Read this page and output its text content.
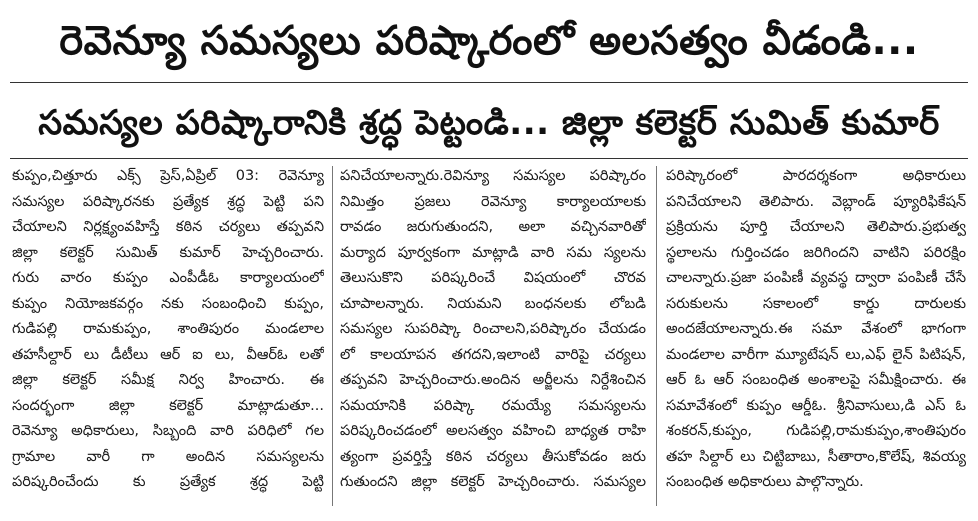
రెవెన్యూ సమస్యలు పరిష్కారంలో అలసత్వం వీడండి...
సమస్యల పరిష్కారానికి శ్రద్ధ పెట్టండి... జిల్లా కలెక్టర్ సుమిత్ కుమార్
కుప్పం,చిత్తూరు ఎక్స్ ప్రెస్,ఏప్రిల్ 03: రెవెన్యూ
సమస్యల పరిష్కారనకు ప్రత్యేక శ్రద్ధ పెట్టి పని
చేయాలని నిర్లక్ష్యంవహిస్తే కఠిన చర్యలు తప్పవని
జిల్లా కలెక్టర్ సుమిత్ కుమార్ హెచ్చరించారు.
గురు వారం కుప్పం ఎంపీడీఓ కార్యాలయంలో
కుప్పం నియోజకవర్గం నకు సంబంధించి కుప్పం,
గుడిపల్లి రామకుప్పం, శాంతిపురం మండలాల
తహసీల్దార్ లు డీటీలు ఆర్ ఐ లు, వీఆర్ఓ లతో
జిల్లా కలెక్టర్ సమీక్ష నిర్వ హించారు. ఈ
సందర్భంగా జిల్లా కలెక్టర్ మాట్లాడుతూ...
రెవెన్యూ అధికారులు, సిబ్బంది వారి పరిధిలో గల
గ్రామాల వారీ గా అందిన సమస్యలను
పరిష్కరించేందు కు ప్రత్యేక శ్రద్ధ పెట్టి
పనిచేయాలన్నారు.రెవిన్యూ సమస్యల పరిష్కారం
నిమిత్తం ప్రజలు రెవెన్యూ కార్యాలయాలకు
రావడం జరుగుతుందని, అలా వచ్చినవారితో
మర్యాద పూర్వకంగా మాట్లాడి వారి సమ స్యలను
తెలుసుకొని పరిష్కరించే విషయంలో చొరవ
చూపాలన్నారు. నియమని బంధనలకు లోబడి
సమస్యల సుపరిష్కా రించాలని,పరిష్కారం చేయడం
లో కాలయాపన తగదని,ఇలాంటి వారిపై చర్యలు
తప్పవని హెచ్చరించారు.అందిన అర్జీలను నిర్దేశించిన
సమయానికి పరిష్కా రమయ్యే సమస్యలను
పరిష్కరించడంలో అలసత్వం వహించి బాధ్యత రాహి
త్యంగా ప్రవర్తిస్తే కఠిన చర్యలు తీసుకోవడం జరు
గుతుందని జిల్లా కలెక్టర్ హెచ్చరించారు. సమస్యల
పరిష్కారంలో పారదర్శకంగా అధికారులు
పనిచేయాలని తెలిపారు. వెబ్లాండ్ ప్యూరిఫికేషన్
ప్రక్రియను పూర్తి చేయాలని తెలిపారు.ప్రభుత్వ
స్థలాలను గుర్తించడం జరిగిందని వాటిని పరిరక్షిం
చాలన్నారు.ప్రజా పంపిణీ వ్యవస్థ ద్వారా పంపిణీ చేసే
సరుకులను సకాలంలో కార్డు దారులకు
అందజేయాలన్నారు.ఈ సమా వేశంలో భాగంగా
మండలాల వారీగా మ్యూటేషన్ లు,ఎఫ్ లైన్ పిటిషన్,
ఆర్ ఓ ఆర్ సంబంధిత అంశాలపై సమీక్షించారు. ఈ
సమావేశంలో కుప్పం ఆర్డీఓ. శ్రీనివాసులు,డి ఎస్ ఓ
శంకరన్,కుప్పం, గుడిపల్లి,రామకుప్పం,శాంతిపురం
తహ సిల్దార్ లు చిట్టిబాబు, సీతారాం,కొలేష్, శివయ్య
సంబంధిత అధికారులు పాల్గొన్నారు.
